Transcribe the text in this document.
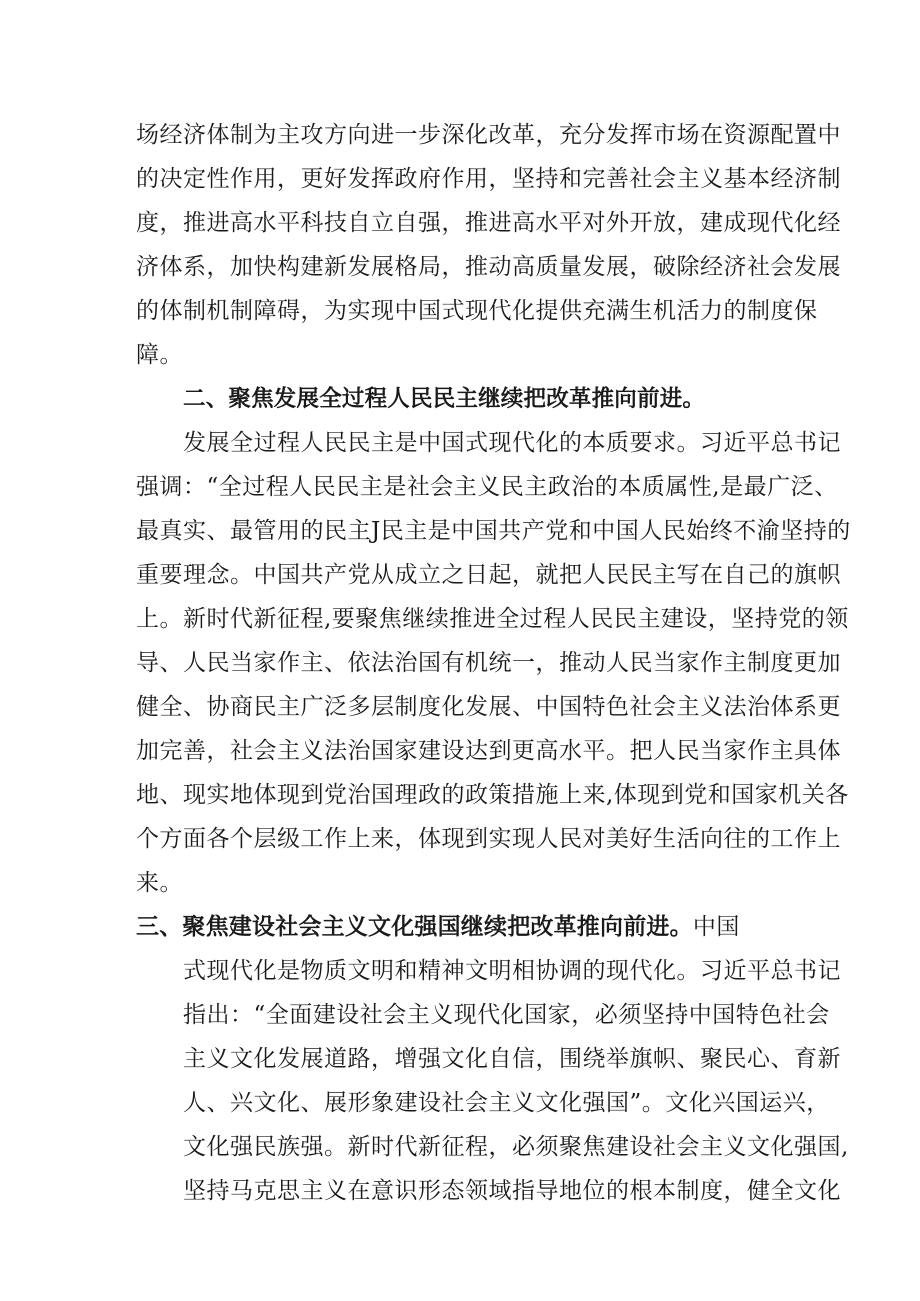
场经济体制为主攻方向进一步深化改革，充分发挥市场在资源配置中
的决定性作用，更好发挥政府作用，坚持和完善社会主义基本经济制
度，推进高水平科技自立自强，推进高水平对外开放，建成现代化经
济体系，加快构建新发展格局，推动高质量发展，破除经济社会发展
的体制机制障碍，为实现中国式现代化提供充满生机活力的制度保
障。
二、聚焦发展全过程人民民主继续把改革推向前进。
发展全过程人民民主是中国式现代化的本质要求。习近平总书记
强调：“全过程人民民主是社会主义民主政治的本质属性,是最广泛、
最真实、最管用的民主J民主是中国共产党和中国人民始终不渝坚持的
重要理念。中国共产党从成立之日起，就把人民民主写在自己的旗帜
上。新时代新征程,要聚焦继续推进全过程人民民主建设，坚持党的领
导、人民当家作主、依法治国有机统一，推动人民当家作主制度更加
健全、协商民主广泛多层制度化发展、中国特色社会主义法治体系更
加完善，社会主义法治国家建设达到更高水平。把人民当家作主具体
地、现实地体现到党治国理政的政策措施上来,体现到党和国家机关各
个方面各个层级工作上来，体现到实现人民对美好生活向往的工作上
来。
三、聚焦建设社会主义文化强国继续把改革推向前进。中国
式现代化是物质文明和精神文明相协调的现代化。习近平总书记
指出：“全面建设社会主义现代化国家，必须坚持中国特色社会
主义文化发展道路，增强文化自信，围绕举旗帜、聚民心、育新
人、兴文化、展形象建设社会主义文化强国”。文化兴国运兴，
文化强民族强。新时代新征程，必须聚焦建设社会主义文化强国,
坚持马克思主义在意识形态领域指导地位的根本制度，健全文化
